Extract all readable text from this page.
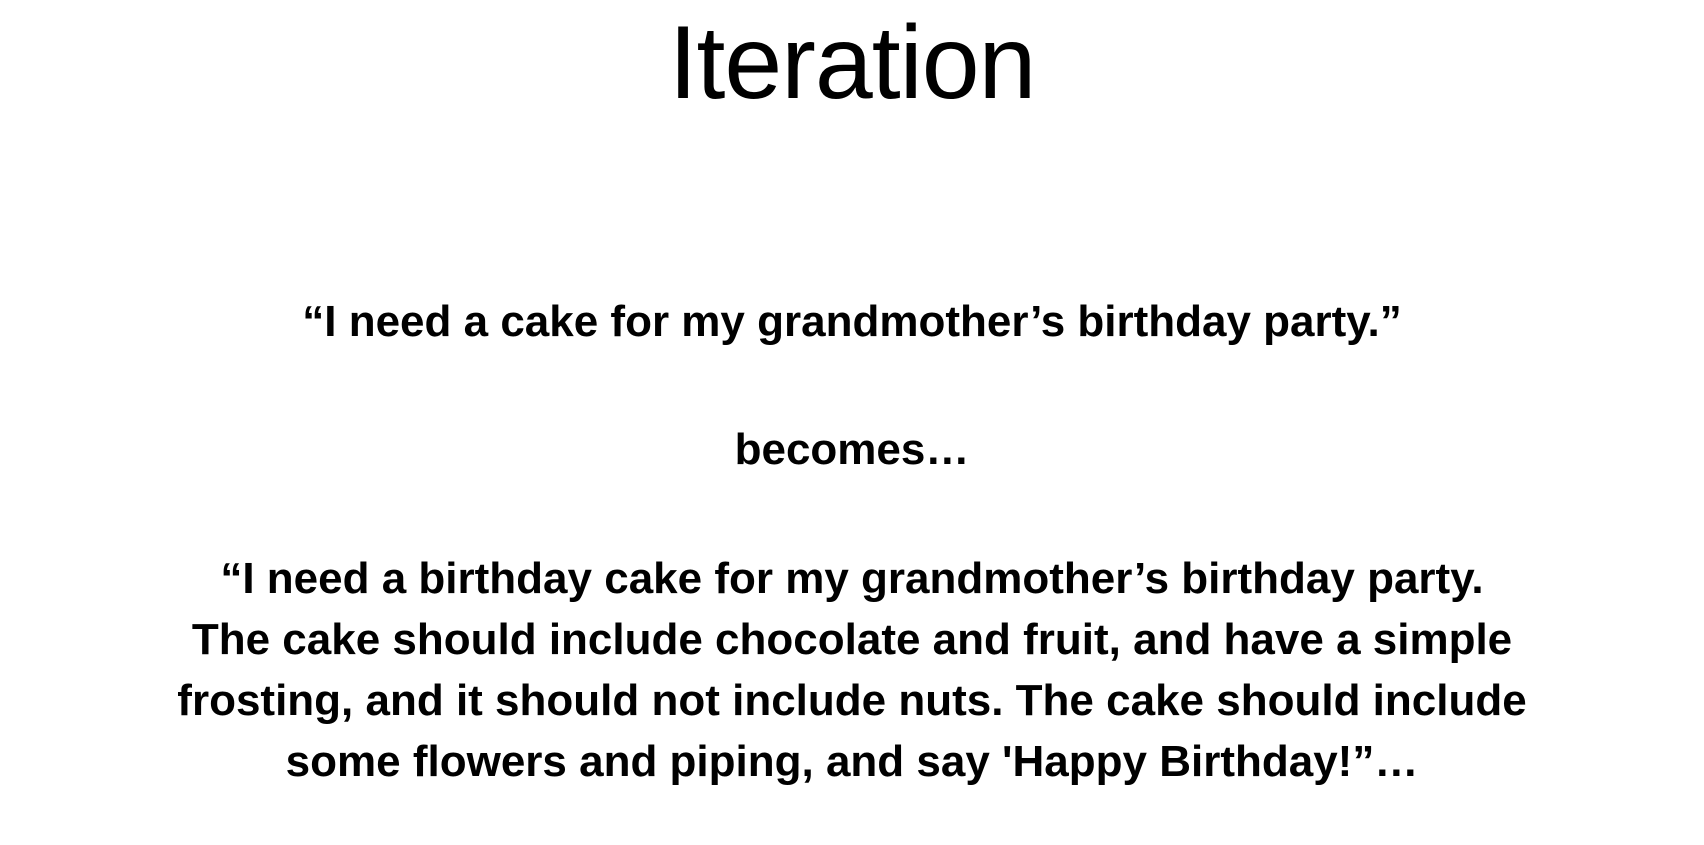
Iteration
“I need a cake for my grandmother’s birthday party.”
becomes…
“I need a birthday cake for my grandmother’s birthday party.
The cake should include chocolate and fruit, and have a simple
frosting, and it should not include nuts. The cake should include
some flowers and piping, and say 'Happy Birthday!”…
